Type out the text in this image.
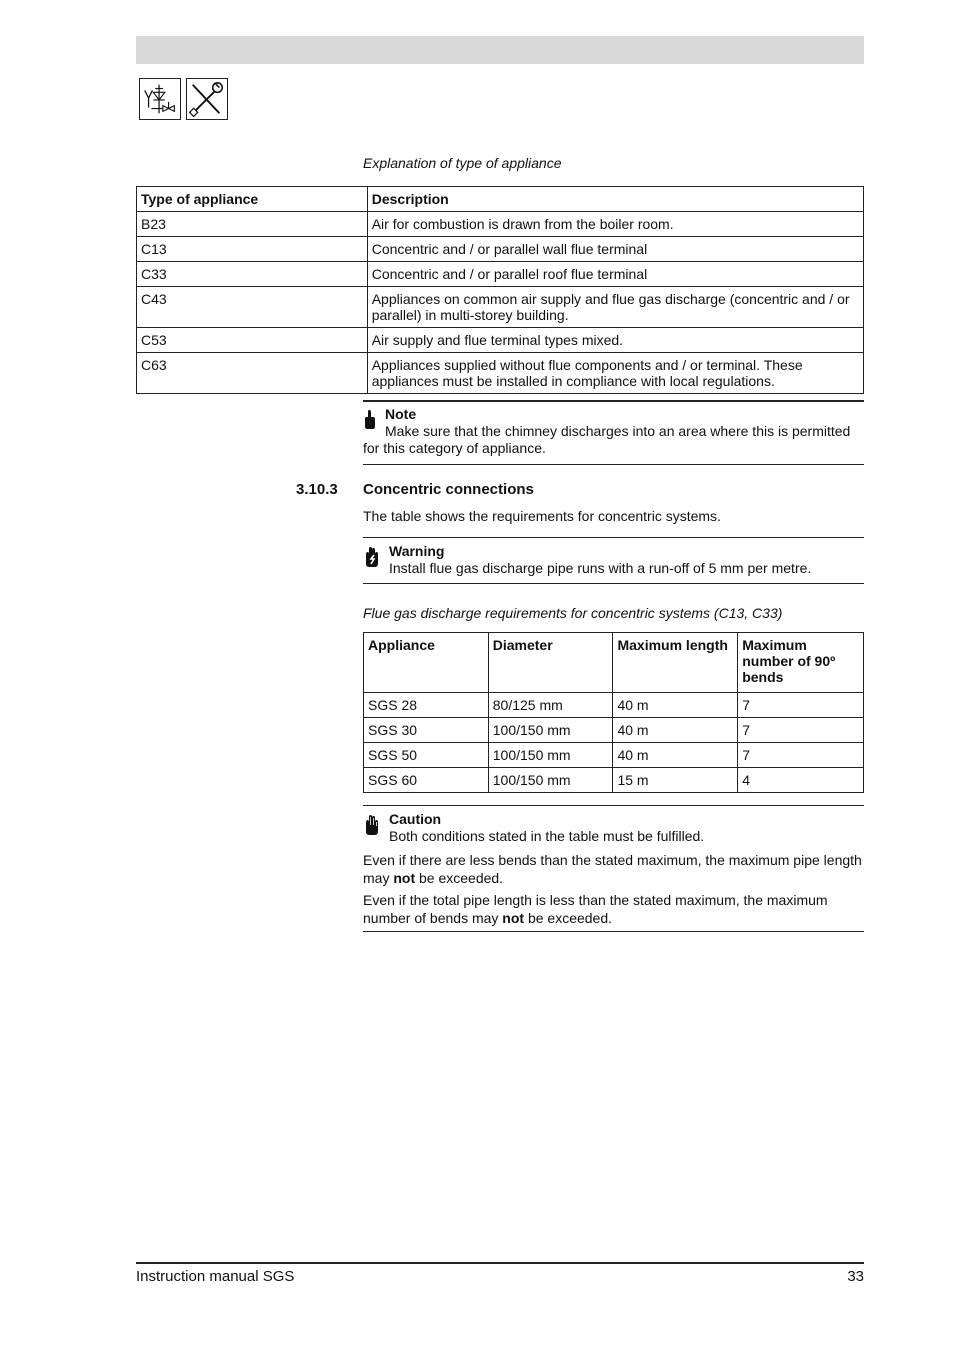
Explanation of type of appliance
Type of appliance	Description
B23	Air for combustion is drawn from the boiler room.
C13	Concentric and / or parallel wall flue terminal
C33	Concentric and / or parallel roof flue terminal
C43	Appliances on common air supply and flue gas discharge (concentric and / or parallel) in multi-storey building.
C53	Air supply and flue terminal types mixed.
C63	Appliances supplied without flue components and / or terminal. These appliances must be installed in compliance with local regulations.
Note
Make sure that the chimney discharges into an area where this is permitted for this category of appliance.
3.10.3 Concentric connections
The table shows the requirements for concentric systems.
Warning
Install flue gas discharge pipe runs with a run-off of 5 mm per metre.
Flue gas discharge requirements for concentric systems (C13, C33)
Appliance	Diameter	Maximum length	Maximum number of 90º bends
SGS 28	80/125 mm	40 m	7
SGS 30	100/150 mm	40 m	7
SGS 50	100/150 mm	40 m	7
SGS 60	100/150 mm	15 m	4
Caution
Both conditions stated in the table must be fulfilled.
Even if there are less bends than the stated maximum, the maximum pipe length may not be exceeded.
Even if the total pipe length is less than the stated maximum, the maximum number of bends may not be exceeded.
Instruction manual SGS	33
